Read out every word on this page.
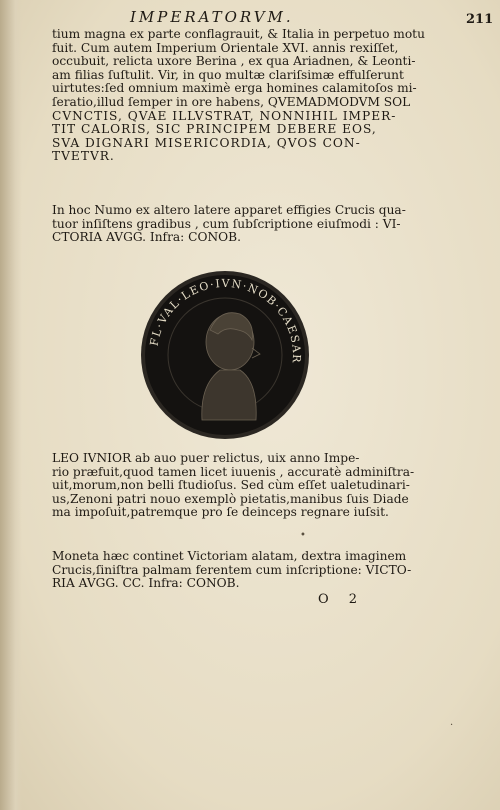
IMPERATORVM.	211

tium magna ex parte conflagrauit, & Italia in perpetuo motu

fuit. Cum autem Imperium Orientale XVI. annis rexiſſet,

occubuit, relicta uxore Berina , ex qua Ariadnen, & Leonti-

am filias ſuſtulit. Vir, in quo multæ clariſsimæ effulſerunt

uirtutes:ſed omnium maximè erga homines calamitoſos mi-

ſeratio,illud ſemper in ore habens, QVEMADMODVM SOL

CVNCTIS, QVAE ILLVSTRAT, NONNIHIL IMPER-

TIT CALORIS, SIC PRINCIPEM DEBERE EOS,

SVA DIGNARI MISERICORDIA, QVOS CON-

TVETVR.

In hoc Numo ex altero latere apparet effigies Crucis qua-

tuor inſiſtens gradibus , cum ſubſcriptione eiuſmodi : VI-

CTORIA AVGG. Infra: CONOB.

FL·VAL·LEO·IVN·NOB·CAESAR

LEO IVNIOR ab auo puer relictus, uix anno Impe-

rio præfuit,quod tamen licet iuuenis , accuratè adminiſtra-

uit,morum,non belli ſtudioſus. Sed cùm eſſet ualetudinari-

us,Zenoni patri nouo exemplò pietatis,manibus ſuis Diade

ma impoſuit,patremque pro ſe deinceps regnare iuſsit.

Moneta hæc continet Victoriam alatam, dextra imaginem

Crucis,ſiniſtra palmam ferentem cum inſcriptione: VICTO-

RIA AVGG. CC. Infra: CONOB.

O 2
•
·
